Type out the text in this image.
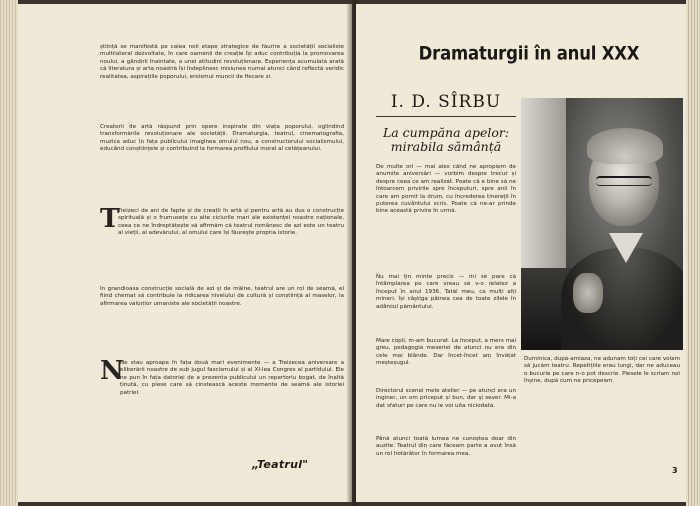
științǎ se manifestă pe calea noii etape strategice de făurire a societății socialiste multilateral dezvoltate, în care oamenii de creație își aduc contribuția la promovarea noului, a gândirii înaintate, a unei atitudini revoluționare. Experiența acumulată arată că literatura și arta noastră își îndeplinesc misiunea numai atunci când reflectă veridic realitatea, aspirațiile poporului, eroismul muncii de fiecare zi.
Creatorii de artă răspund prin opere inspirate din viața poporului, oglindind transformările revoluționare ale societății. Dramaturgia, teatrul, cinematografia, muzica aduc în fața publicului imaginea omului nou, a constructorului socialismului, educând conștiințele și contribuind la formarea profilului moral al cetățeanului.
T
Treizeci de ani de fapte și de creații în artă și pentru artă au dus o construcție spirituală și o frumusețe cu alte ciclurile mari ale existenței noastre naționale, ceea ce ne îndreptățește să afirmăm că teatrul românesc de azi este un teatru al vieții, al adevărului, al omului care își făurește propria istorie.
În grandioasa construcție socială de azi și de mâine, teatrul are un rol de seamă, el fiind chemat să contribuie la ridicarea nivelului de cultură și conștiință al maselor, la afirmarea valorilor umaniste ale societății noastre.
N
Ne stau aproape în fața două mari evenimente — a Treizecea aniversare a eliberării noastre de sub jugul fascismului și al XI-lea Congres al partidului. Ele ne pun în fața datoriei de a prezenta publicului un repertoriu bogat, de înaltă ținută, cu piese care să cinstească aceste momente de seamă ale istoriei patriei.
„Teatrul"
Dramaturgii în anul XXX
I. D. SÎRBU
La cumpăna apelor: mirabila sămânță
De multe ori — mai ales când ne apropiem de anumite aniversări — vorbim despre trecut și despre ceea ce am realizat. Poate că e bine să ne întoarcem privirile spre începuturi, spre anii în care am pornit la drum, cu încrederea tinereții în puterea cuvântului scris. Poate că ne-ar prinde bine această privire în urmă.
Nu mai țin minte precis — mi se pare că întâmplarea pe care vreau să v-o relatez a început în anul 1936. Tatăl meu, ca mulți alți mineri, își câștiga pâinea cea de toate zilele în adâncul pământului.
Mare copil, m-am bucurat. La început, a mers mai greu, pedagogia meseriei de atunci nu era din cele mai blânde. Dar încet-încet am învățat meșteșugul.
Directorul scenei mele atelier — pe atunci era un inginer, un om priceput și bun, dar și sever. Mi-a dat sfaturi pe care nu le voi uita niciodată.
Până atunci toată lumea ne cunoștea doar din auzite. Teatrul din care făceam parte a avut însă un rol hotărâtor în formarea mea.
Duminica, după-amiaza, ne adunam toți cei care voiam să jucăm teatru. Repetițiile erau lungi, dar ne aduceau o bucurie pe care n-o pot descrie. Piesele le scriam noi înșine, după cum ne pricepeam.
3
